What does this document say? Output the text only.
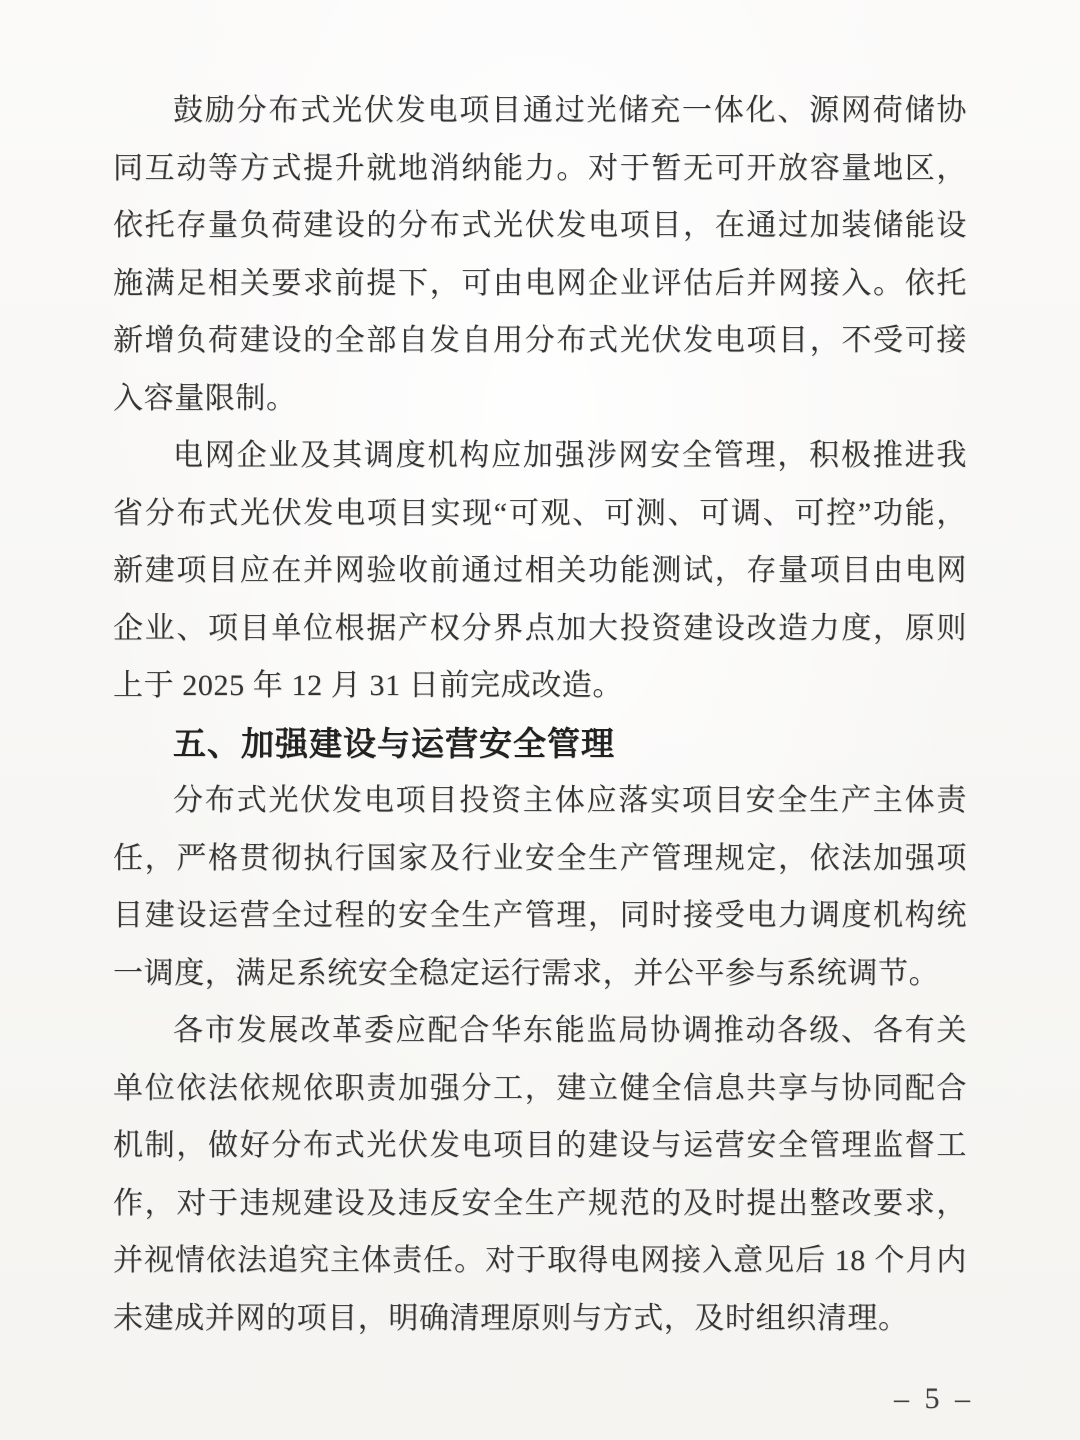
鼓励分布式光伏发电项目通过光储充一体化、源网荷储协同互动等方式提升就地消纳能力。对于暂无可开放容量地区，依托存量负荷建设的分布式光伏发电项目，在通过加装储能设施满足相关要求前提下，可由电网企业评估后并网接入。依托新增负荷建设的全部自发自用分布式光伏发电项目，不受可接入容量限制。

电网企业及其调度机构应加强涉网安全管理，积极推进我省分布式光伏发电项目实现“可观、可测、可调、可控”功能，新建项目应在并网验收前通过相关功能测试，存量项目由电网企业、项目单位根据产权分界点加大投资建设改造力度，原则上于 2025 年 12 月 31 日前完成改造。

五、加强建设与运营安全管理

分布式光伏发电项目投资主体应落实项目安全生产主体责任，严格贯彻执行国家及行业安全生产管理规定，依法加强项目建设运营全过程的安全生产管理，同时接受电力调度机构统一调度，满足系统安全稳定运行需求，并公平参与系统调节。

各市发展改革委应配合华东能监局协调推动各级、各有关单位依法依规依职责加强分工，建立健全信息共享与协同配合机制，做好分布式光伏发电项目的建设与运营安全管理监督工作，对于违规建设及违反安全生产规范的及时提出整改要求，并视情依法追究主体责任。对于取得电网接入意见后 18 个月内未建成并网的项目，明确清理原则与方式，及时组织清理。

– 5 –
